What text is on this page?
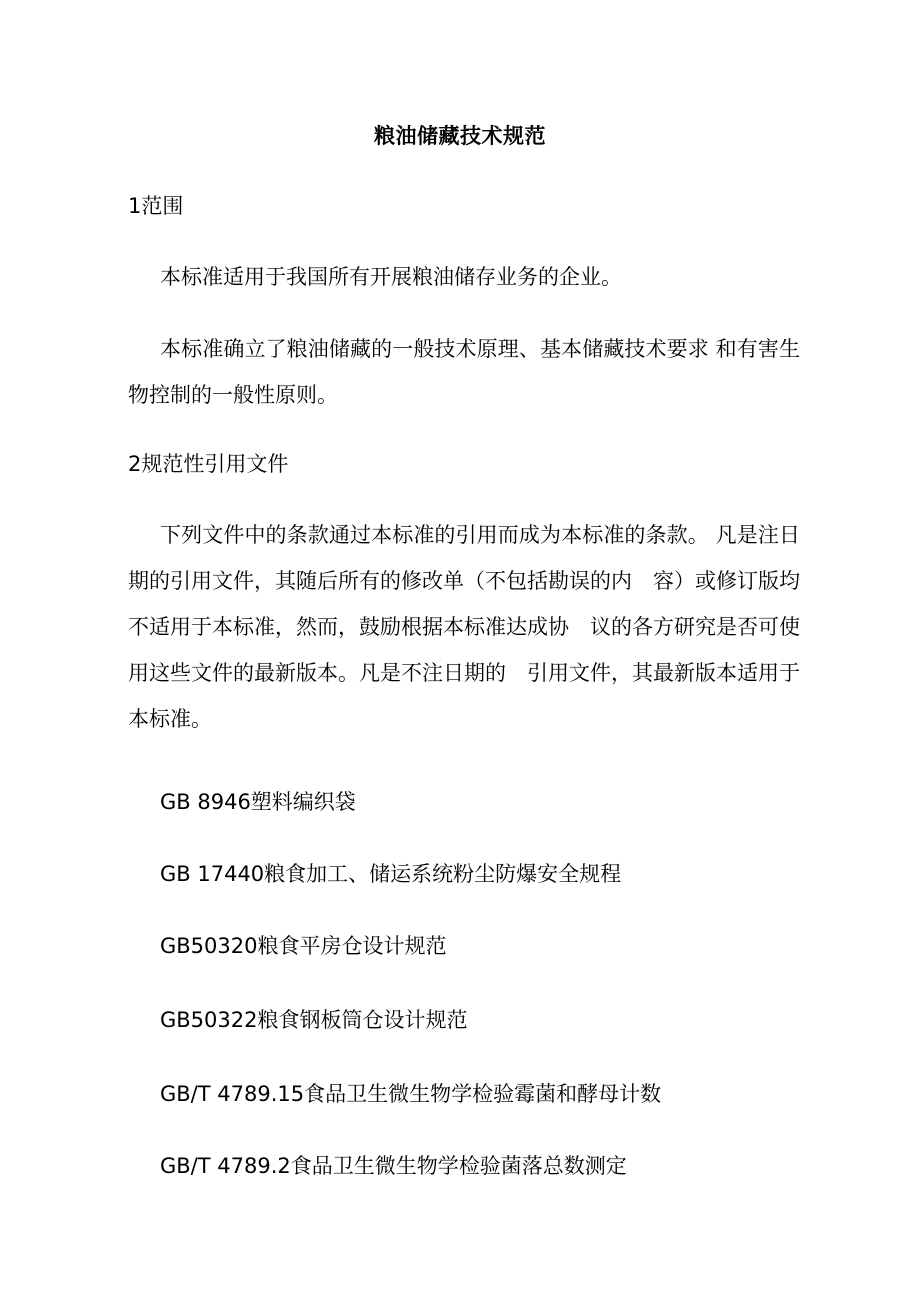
粮油储藏技术规范
1范围
本标准适用于我国所有开展粮油储存业务的企业。
本标准确立了粮油储藏的一般技术原理、基本储藏技术要求 和有害生物控制的一般性原则。
2规范性引用文件
下列文件中的条款通过本标准的引用而成为本标准的条款。 凡是注日期的引用文件，其随后所有的修改单（不包括勘误的内　容）或修订版均不适用于本标准，然而，鼓励根据本标准达成协　议的各方研究是否可使用这些文件的最新版本。凡是不注日期的　引用文件，其最新版本适用于本标准。
GB 8946塑料编织袋
GB 17440粮食加工、储运系统粉尘防爆安全规程
GB50320粮食平房仓设计规范
GB50322粮食钢板筒仓设计规范
GB/T 4789.15食品卫生微生物学检验霉菌和酵母计数
GB/T 4789.2食品卫生微生物学检验菌落总数测定
